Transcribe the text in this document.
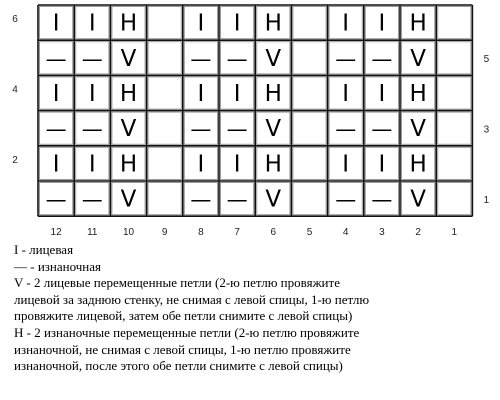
I I H	I I H	I I H
— — V	— — V	— — V
I I H	I I H	I I H
— — V	— — V	— — V
I I H	I I H	I I H
— — V	— — V	— — V
6
4
2
5
3
1
12	11	10	9	8	7	6	5	4	3	2	1
I - лицевая
— - изнаночная
V - 2 лицевые перемещенные петли (2-ю петлю провяжите
лицевой за заднюю стенку, не снимая с левой спицы, 1-ю петлю
провяжите лицевой, затем обе петли снимите с левой спицы)
Н - 2 изнаночные перемещенные петли (2-ю петлю провяжите
изнаночной, не снимая с левой спицы, 1-ю петлю провяжите
изнаночной, после этого обе петли снимите с левой спицы)
